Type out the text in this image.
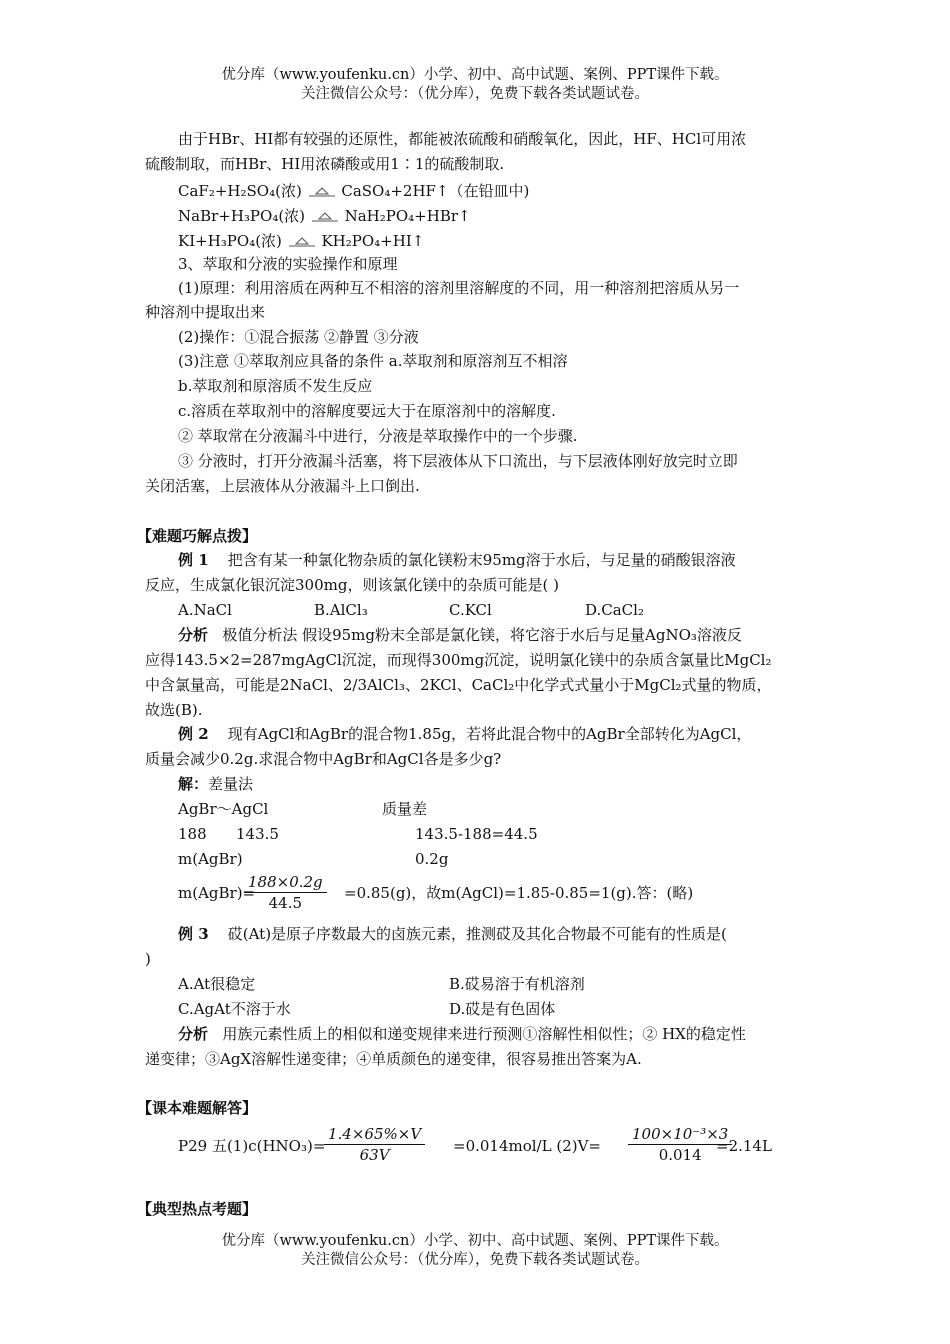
优分库（www.youfenku.cn）小学、初中、高中试题、案例、PPT课件下载。
关注微信公众号：（优分库），免费下载各类试题试卷。
由于HBr、HI都有较强的还原性，都能被浓硫酸和硝酸氧化，因此，HF、HCl可用浓
硫酸制取，而HBr、HI用浓磷酸或用1∶1的硫酸制取.
CaF₂+H₂SO₄(浓)	CaSO₄+2HF↑（在铅皿中)
NaBr+H₃PO₄(浓)	NaH₂PO₄+HBr↑
KI+H₃PO₄(浓)	KH₂PO₄+HI↑
3、萃取和分液的实验操作和原理
(1)原理：利用溶质在两种互不相溶的溶剂里溶解度的不同，用一种溶剂把溶质从另一
种溶剂中提取出来
(2)操作：①混合振荡 ②静置 ③分液
(3)注意 ①萃取剂应具备的条件 a.萃取剂和原溶剂互不相溶
b.萃取剂和原溶质不发生反应
c.溶质在萃取剂中的溶解度要远大于在原溶剂中的溶解度.
② 萃取常在分液漏斗中进行，分液是萃取操作中的一个步骤.
③ 分液时，打开分液漏斗活塞，将下层液体从下口流出，与下层液体刚好放完时立即
关闭活塞，上层液体从分液漏斗上口倒出.
【难题巧解点拨】
例 1 把含有某一种氯化物杂质的氯化镁粉末95mg溶于水后，与足量的硝酸银溶液
反应，生成氯化银沉淀300mg，则该氯化镁中的杂质可能是( )
A.NaCl	B.AlCl₃	C.KCl	D.CaCl₂
分析 极值分析法 假设95mg粉末全部是氯化镁，将它溶于水后与足量AgNO₃溶液反
应得143.5×2=287mgAgCl沉淀，而现得300mg沉淀，说明氯化镁中的杂质含氯量比MgCl₂
中含氯量高，可能是2NaCl、2/3AlCl₃、2KCl、CaCl₂中化学式式量小于MgCl₂式量的物质，
故选(B).
例 2 现有AgCl和AgBr的混合物1.85g，若将此混合物中的AgBr全部转化为AgCl，
质量会减少0.2g.求混合物中AgBr和AgCl各是多少g?
解：差量法
AgBr～AgCl	质量差
188 143.5	143.5-188=44.5
m(AgBr)	0.2g
m(AgBr)=
188×0.2g
44.5
=0.85(g)，故m(AgCl)=1.85-0.85=1(g).答：(略)
例 3 砹(At)是原子序数最大的卤族元素，推测砹及其化合物最不可能有的性质是(
)
A.At很稳定	B.砹易溶于有机溶剂
C.AgAt不溶于水	D.砹是有色固体
分析 用族元素性质上的相似和递变规律来进行预测①溶解性相似性；② HX的稳定性
递变律；③AgX溶解性递变律；④单质颜色的递变律，很容易推出答案为A.
【课本难题解答】
P29 五(1)c(HNO₃)=
1.4×65%×V
63V	=0.014mol/L (2)V=
100×10⁻³×3
0.014 =2.14L
【典型热点考题】
优分库（www.youfenku.cn）小学、初中、高中试题、案例、PPT课件下载。
关注微信公众号：（优分库），免费下载各类试题试卷。
